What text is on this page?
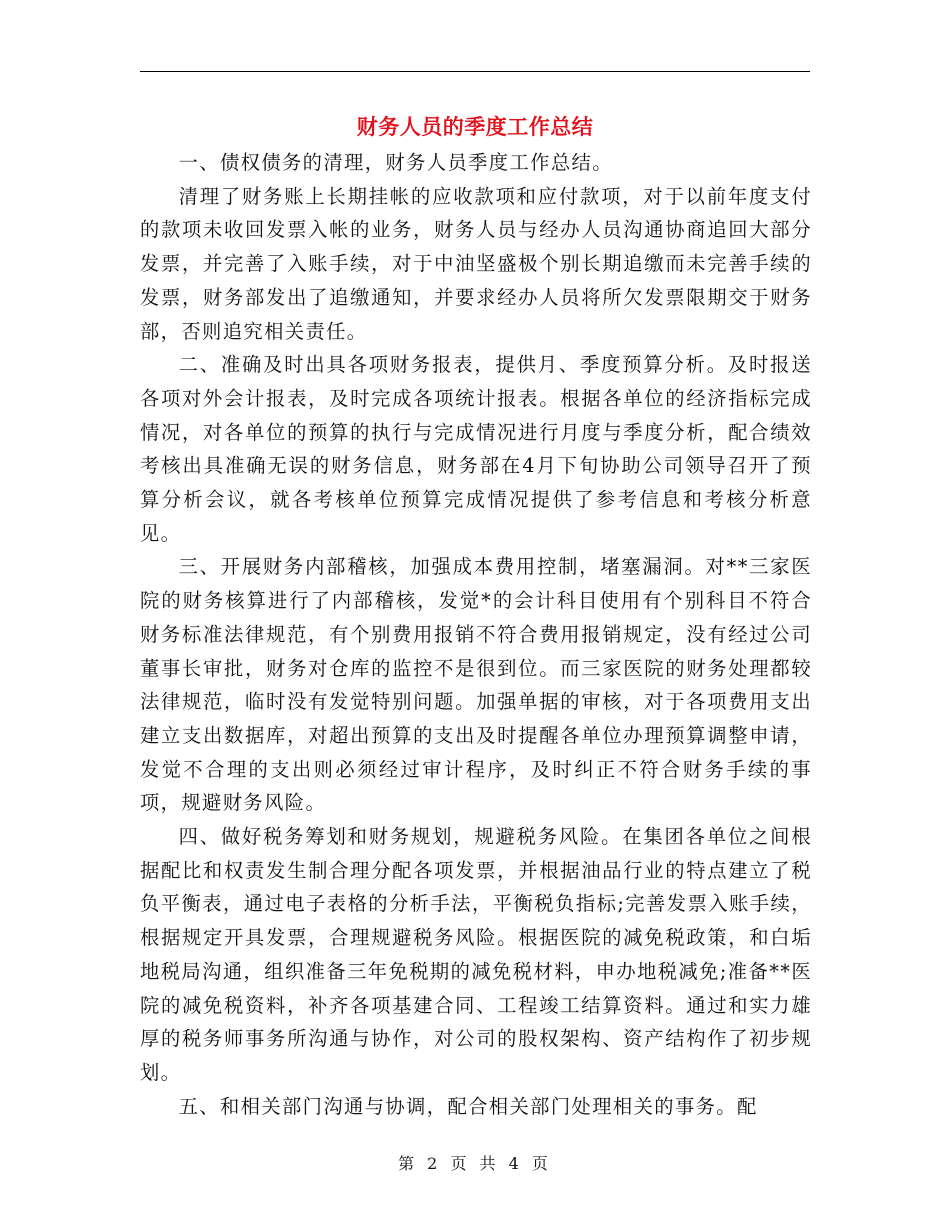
财务人员的季度工作总结

一、债权债务的清理，财务人员季度工作总结。

清理了财务账上长期挂帐的应收款项和应付款项，对于以前年度支付的款项未收回发票入帐的业务，财务人员与经办人员沟通协商追回大部分发票，并完善了入账手续，对于中油坚盛极个别长期追缴而未完善手续的发票，财务部发出了追缴通知，并要求经办人员将所欠发票限期交于财务部，否则追究相关责任。

二、准确及时出具各项财务报表，提供月、季度预算分析。及时报送各项对外会计报表，及时完成各项统计报表。根据各单位的经济指标完成情况，对各单位的预算的执行与完成情况进行月度与季度分析，配合绩效考核出具准确无误的财务信息，财务部在4月下旬协助公司领导召开了预算分析会议，就各考核单位预算完成情况提供了参考信息和考核分析意见。

三、开展财务内部稽核，加强成本费用控制，堵塞漏洞。对**三家医院的财务核算进行了内部稽核，发觉*的会计科目使用有个别科目不符合财务标准法律规范，有个别费用报销不符合费用报销规定，没有经过公司董事长审批，财务对仓库的监控不是很到位。而三家医院的财务处理都较法律规范，临时没有发觉特别问题。加强单据的审核，对于各项费用支出建立支出数据库，对超出预算的支出及时提醒各单位办理预算调整申请，发觉不合理的支出则必须经过审计程序，及时纠正不符合财务手续的事项，规避财务风险。

四、做好税务筹划和财务规划，规避税务风险。在集团各单位之间根据配比和权责发生制合理分配各项发票，并根据油品行业的特点建立了税负平衡表，通过电子表格的分析手法，平衡税负指标;完善发票入账手续，根据规定开具发票，合理规避税务风险。根据医院的减免税政策，和白垢地税局沟通，组织准备三年免税期的减免税材料，申办地税减免;准备**医院的减免税资料，补齐各项基建合同、工程竣工结算资料。通过和实力雄厚的税务师事务所沟通与协作，对公司的股权架构、资产结构作了初步规划。

五、和相关部门沟通与协调，配合相关部门处理相关的事务。配

第 2 页 共 4 页
